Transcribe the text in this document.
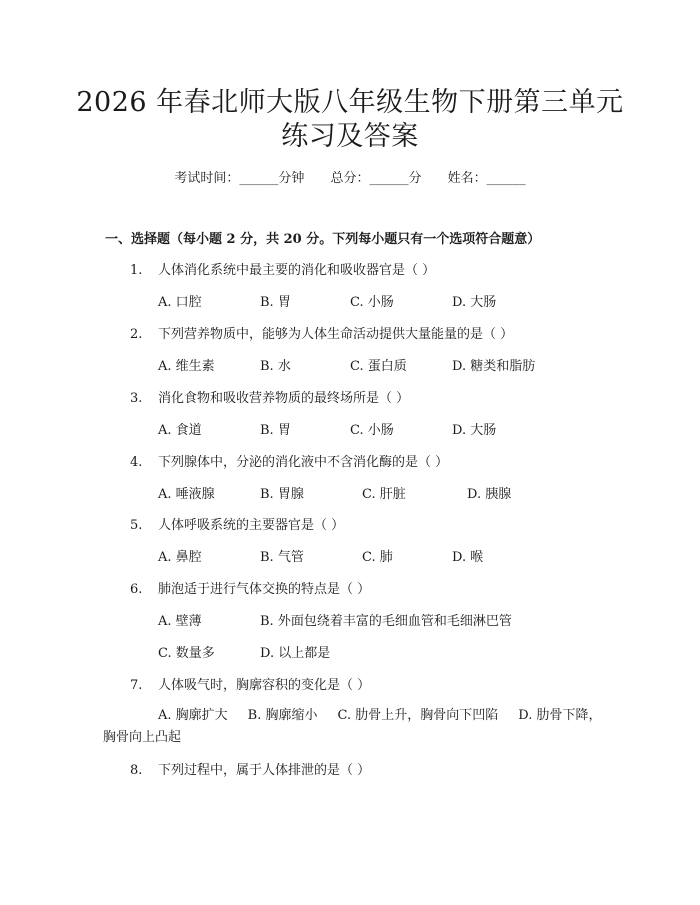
2026 年春北师大版八年级生物下册第三单元
练习及答案
考试时间：______分钟 总分：______分 姓名：______
一、选择题（每小题 2 分，共 20 分。下列每小题只有一个选项符合题意）
1. 人体消化系统中最主要的消化和吸收器官是（ ）
A. 口腔	B. 胃	C. 小肠	D. 大肠
2. 下列营养物质中，能够为人体生命活动提供大量能量的是（ ）
A. 维生素	B. 水	C. 蛋白质	D. 糖类和脂肪
3. 消化食物和吸收营养物质的最终场所是（ ）
A. 食道	B. 胃	C. 小肠	D. 大肠
4. 下列腺体中，分泌的消化液中不含消化酶的是（ ）
A. 唾液腺	B. 胃腺	C. 肝脏	D. 胰腺
5. 人体呼吸系统的主要器官是（ ）
A. 鼻腔	B. 气管	C. 肺	D. 喉
6. 肺泡适于进行气体交换的特点是（ ）
A. 壁薄	B. 外面包绕着丰富的毛细血管和毛细淋巴管
C. 数量多	D. 以上都是
7. 人体吸气时，胸廓容积的变化是（ ）
A. 胸廓扩大 B. 胸廓缩小 C. 肋骨上升，胸骨向下凹陷 D. 肋骨下降，胸骨向上凸起
8. 下列过程中，属于人体排泄的是（ ）
